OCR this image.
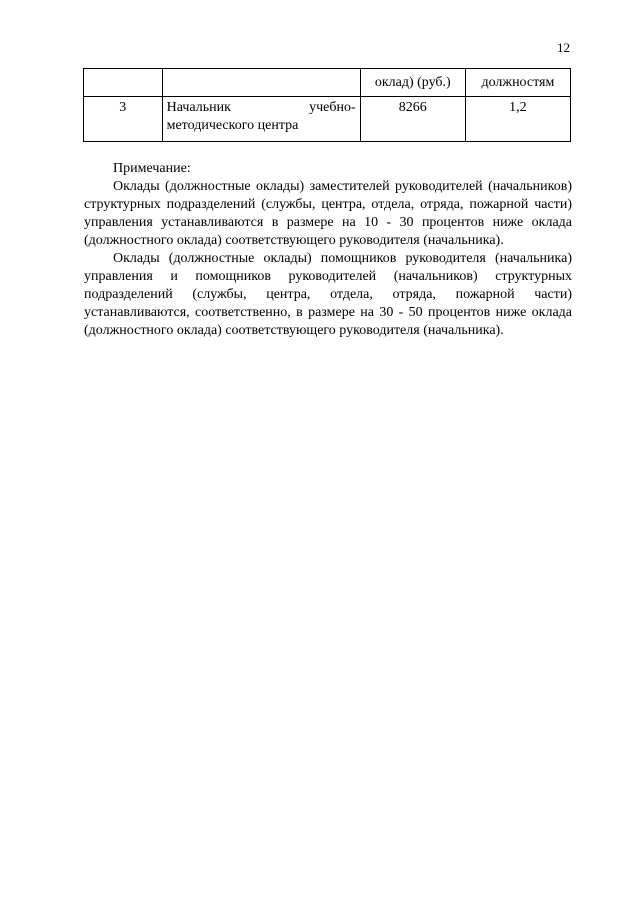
12
		оклад) (руб.)	должностям
3	Начальник учебно-
методического центра	8266	1,2

Примечание:

Оклады (должностные оклады) заместителей руководителей (начальников) структурных подразделений (службы, центра, отдела, отряда, пожарной части) управления устанавливаются в размере на 10 - 30 процентов ниже оклада (должностного оклада) соответствующего руководителя (начальника).

Оклады (должностные оклады) помощников руководителя (начальника) управления и помощников руководителей (начальников) структурных подразделений (службы, центра, отдела, отряда, пожарной части) устанавливаются, соответственно, в размере на 30 - 50 процентов ниже оклада (должностного оклада) соответствующего руководителя (начальника).
